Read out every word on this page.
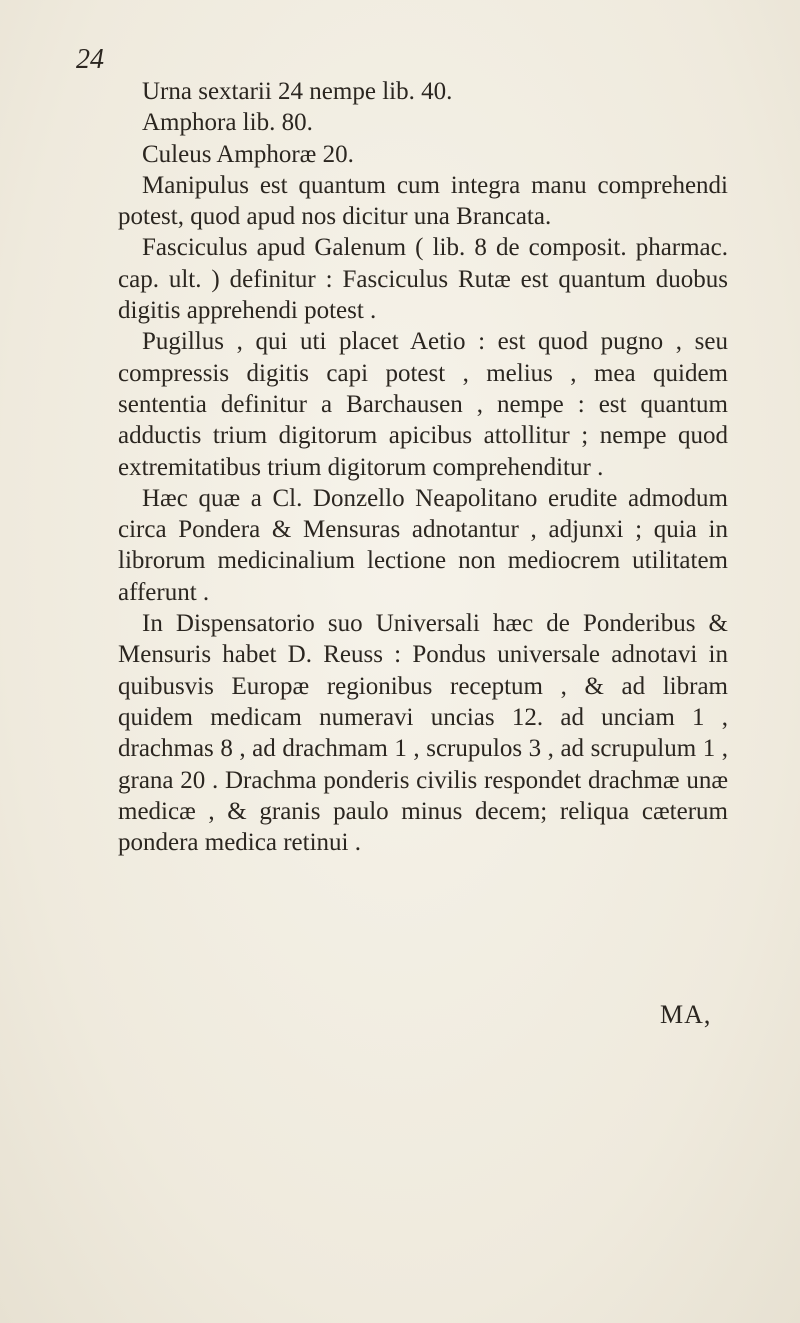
24

Urna sextarii 24 nempe lib. 40.

Amphora lib. 80.

Culeus Amphoræ 20.

Manipulus est quantum cum integra manu comprehendi potest, quod apud nos dicitur una Brancata.

Fasciculus apud Galenum ( lib. 8 de composit. pharmac. cap. ult. ) definitur : Fasciculus Rutæ est quantum duobus digitis apprehendi potest .

Pugillus , qui uti placet Aetio : est quod pugno , seu compressis digitis capi potest , melius , mea quidem sententia definitur a Barchausen , nempe : est quantum adductis trium digitorum apicibus attollitur ; nempe quod extremitatibus trium digitorum comprehenditur .

Hæc quæ a Cl. Donzello Neapolitano erudite admodum circa Pondera & Mensuras adnotantur , adjunxi ; quia in librorum medicinalium lectione non mediocrem utilitatem afferunt .

In Dispensatorio suo Universali hæc de Ponderibus & Mensuris habet D. Reuss : Pondus universale adnotavi in quibusvis Europæ regionibus receptum , & ad libram quidem medicam numeravi uncias 12. ad unciam 1 , drachmas 8 , ad drachmam 1 , scrupulos 3 , ad scrupulum 1 , grana 20 . Drachma ponderis civilis respondet drachmæ unæ medicæ , & granis paulo minus decem; reliqua cæterum pondera medica retinui .

MA,
